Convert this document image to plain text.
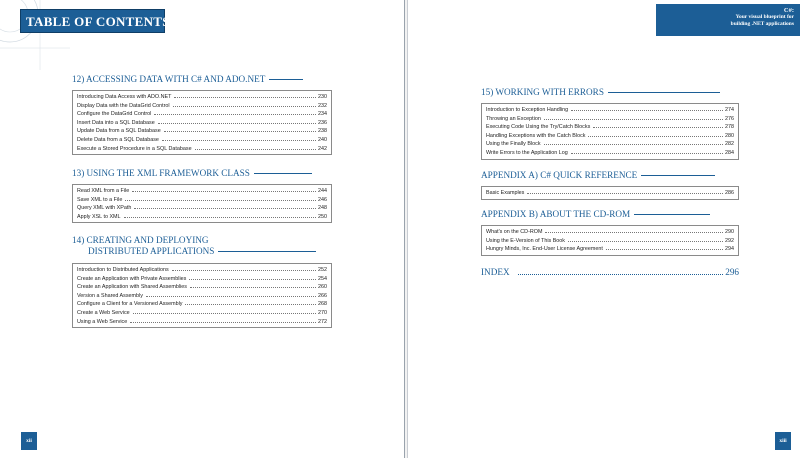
TABLE OF CONTENTS
12) ACCESSING DATA WITH C# AND ADO.NET
Introducing Data Access with ADO.NET	230
Display Data with the DataGrid Control	232
Configure the DataGrid Control	234
Insert Data into a SQL Database	236
Update Data from a SQL Database	238
Delete Data from a SQL Database	240
Execute a Stored Procedure in a SQL Database	242
13) USING THE XML FRAMEWORK CLASS
Read XML from a File	244
Save XML to a File	246
Query XML with XPath	248
Apply XSL to XML	250
14) CREATING AND DEPLOYING
DISTRIBUTED APPLICATIONS
Introduction to Distributed Applications	252
Create an Application with Private Assemblies	254
Create an Application with Shared Assemblies	260
Version a Shared Assembly	266
Configure a Client for a Versioned Assembly	268
Create a Web Service	270
Using a Web Service	272
xii
C#:
Your visual blueprint for
building .NET applications
15) WORKING WITH ERRORS
Introduction to Exception Handling	274
Throwing an Exception	276
Executing Code Using the Try/Catch Blocks	278
Handling Exceptions with the Catch Block	280
Using the Finally Block	282
Write Errors to the Application Log	284
APPENDIX A) C# QUICK REFERENCE
Basic Examples	286
APPENDIX B) ABOUT THE CD-ROM
What's on the CD-ROM	290
Using the E-Version of This Book	292
Hungry Minds, Inc. End-User License Agreement	294
INDEX	296
xiii
